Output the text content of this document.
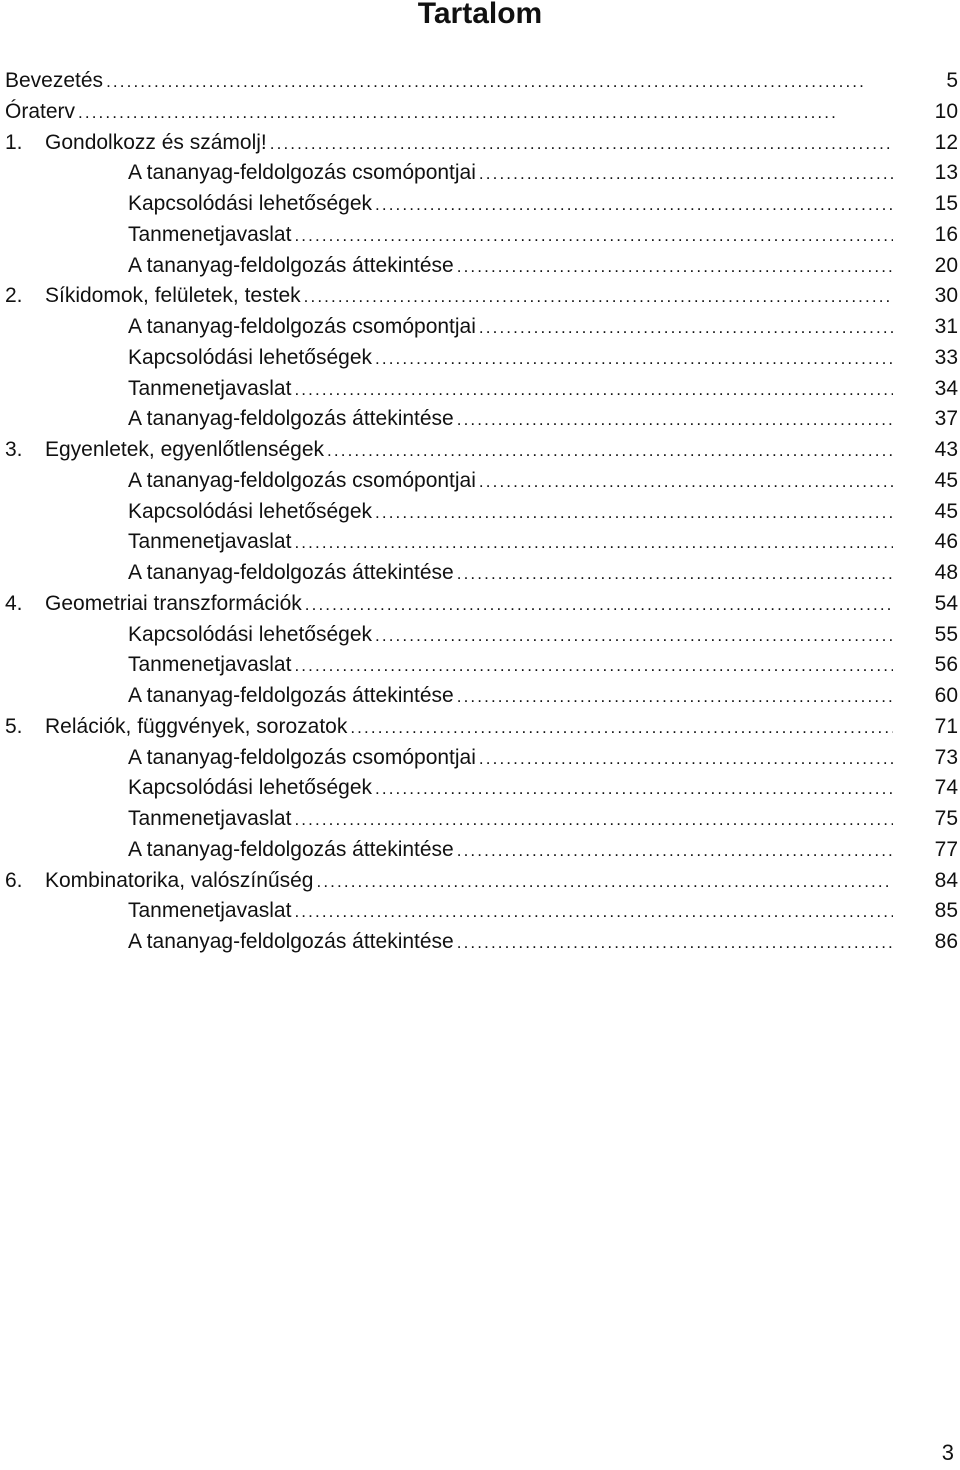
Tartalom
Bevezetés . . .	5
Óraterv . . .	10
1.	Gondolkozz és számolj! . . .	12
A tananyag-feldolgozás csomópontjai . . .	13
Kapcsolódási lehetőségek . . .	15
Tanmenetjavaslat . . .	16
A tananyag-feldolgozás áttekintése . . .	20
2.	Síkidomok, felületek, testek . . .	30
A tananyag-feldolgozás csomópontjai . . .	31
Kapcsolódási lehetőségek . . .	33
Tanmenetjavaslat . . .	34
A tananyag-feldolgozás áttekintése . . .	37
3.	Egyenletek, egyenlőtlenségek . . .	43
A tananyag-feldolgozás csomópontjai . . .	45
Kapcsolódási lehetőségek . . .	45
Tanmenetjavaslat . . .	46
A tananyag-feldolgozás áttekintése . . .	48
4.	Geometriai transzformációk . . .	54
Kapcsolódási lehetőségek . . .	55
Tanmenetjavaslat . . .	56
A tananyag-feldolgozás áttekintése . . .	60
5.	Relációk, függvények, sorozatok . . .	71
A tananyag-feldolgozás csomópontjai . . .	73
Kapcsolódási lehetőségek . . .	74
Tanmenetjavaslat . . .	75
A tananyag-feldolgozás áttekintése . . .	77
6.	Kombinatorika, valószínűség . . .	84
Tanmenetjavaslat . . .	85
A tananyag-feldolgozás áttekintése . . .	86
3
